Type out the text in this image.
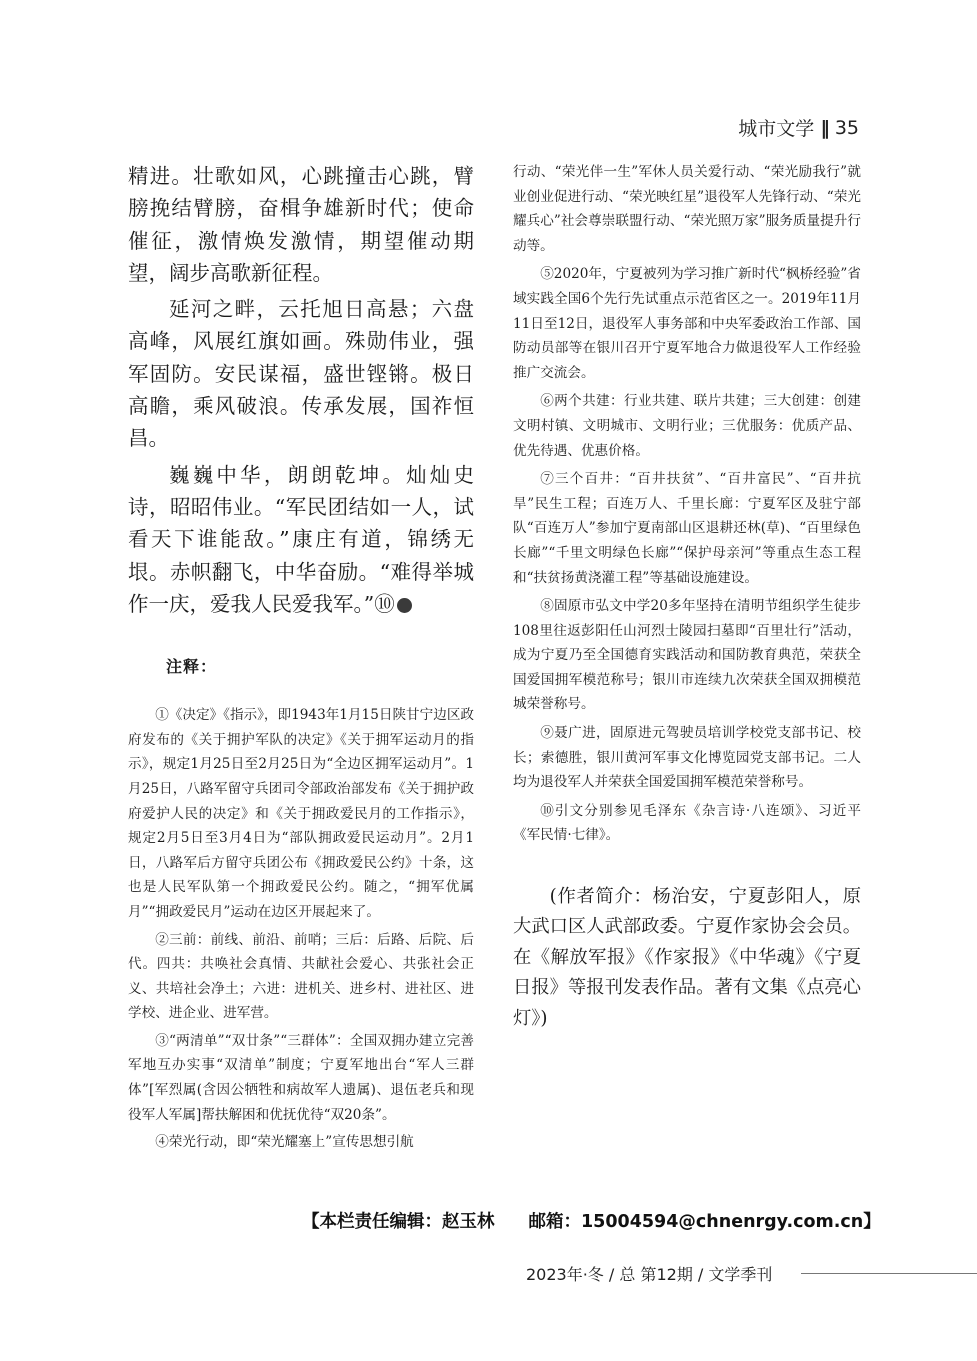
城市文学 ‖ 35

精进。壮歌如风，心跳撞击心跳，臂膀挽结臂膀，奋楫争雄新时代；使命催征，激情焕发激情，期望催动期望，阔步高歌新征程。

延河之畔，云托旭日高悬；六盘高峰，风展红旗如画。殊勋伟业，强军固防。安民谋福，盛世铿锵。极日高瞻，乘风破浪。传承发展，国祚恒昌。

巍巍中华，朗朗乾坤。灿灿史诗，昭昭伟业。“军民团结如一人，试看天下谁能敌。”康庄有道，锦绣无垠。赤帜翻飞，中华奋励。“难得举城作一庆，爱我人民爱我军。”⑩

注释：

①《决定》《指示》，即1943年1月15日陕甘宁边区政府发布的《关于拥护军队的决定》《关于拥军运动月的指示》，规定1月25日至2月25日为“全边区拥军运动月”。1月25日，八路军留守兵团司令部政治部发布《关于拥护政府爱护人民的决定》和《关于拥政爱民月的工作指示》，规定2月5日至3月4日为“部队拥政爱民运动月”。2月1日，八路军后方留守兵团公布《拥政爱民公约》十条，这也是人民军队第一个拥政爱民公约。随之，“拥军优属月”“拥政爱民月”运动在边区开展起来了。

②三前：前线、前沿、前哨；三后：后路、后院、后代。四共：共唤社会真情、共献社会爱心、共张社会正义、共培社会净土；六进：进机关、进乡村、进社区、进学校、进企业、进军营。

③“两清单”“双廿条”“三群体”：全国双拥办建立完善军地互办实事“双清单”制度；宁夏军地出台“军人三群体”[军烈属(含因公牺牲和病故军人遗属)、退伍老兵和现役军人军属]帮扶解困和优抚优待“双20条”。

④荣光行动，即“荣光耀塞上”宣传思想引航

行动、“荣光伴一生”军休人员关爱行动、“荣光励我行”就业创业促进行动、“荣光映红星”退役军人先锋行动、“荣光耀兵心”社会尊崇联盟行动、“荣光照万家”服务质量提升行动等。

⑤2020年，宁夏被列为学习推广新时代“枫桥经验”省域实践全国6个先行先试重点示范省区之一。2019年11月11日至12日，退役军人事务部和中央军委政治工作部、国防动员部等在银川召开宁夏军地合力做退役军人工作经验推广交流会。

⑥两个共建：行业共建、联片共建；三大创建：创建文明村镇、文明城市、文明行业；三优服务：优质产品、优先待遇、优惠价格。

⑦三个百井：“百井扶贫”、“百井富民”、“百井抗旱”民生工程；百连万人、千里长廊：宁夏军区及驻宁部队“百连万人”参加宁夏南部山区退耕还林(草)、“百里绿色长廊”“千里文明绿色长廊”“保护母亲河”等重点生态工程和“扶贫扬黄浇灌工程”等基础设施建设。

⑧固原市弘文中学20多年坚持在清明节组织学生徒步108里往返彭阳任山河烈士陵园扫墓即“百里壮行”活动，成为宁夏乃至全国德育实践活动和国防教育典范，荣获全国爱国拥军模范称号；银川市连续九次荣获全国双拥模范城荣誉称号。

⑨聂广进，固原进元驾驶员培训学校党支部书记、校长；索德胜，银川黄河军事文化博览园党支部书记。二人均为退役军人并荣获全国爱国拥军模范荣誉称号。

⑩引文分别参见毛泽东《杂言诗·八连颂》、习近平《军民情·七律》。

(作者简介：杨治安，宁夏彭阳人，原大武口区人武部政委。宁夏作家协会会员。在《解放军报》《作家报》《中华魂》《宁夏日报》等报刊发表作品。著有文集《点亮心灯》)

【本栏责任编辑：赵玉林 邮箱：15004594@chnenrgy.com.cn】
2023年·冬 / 总 第12期 / 文学季刊
